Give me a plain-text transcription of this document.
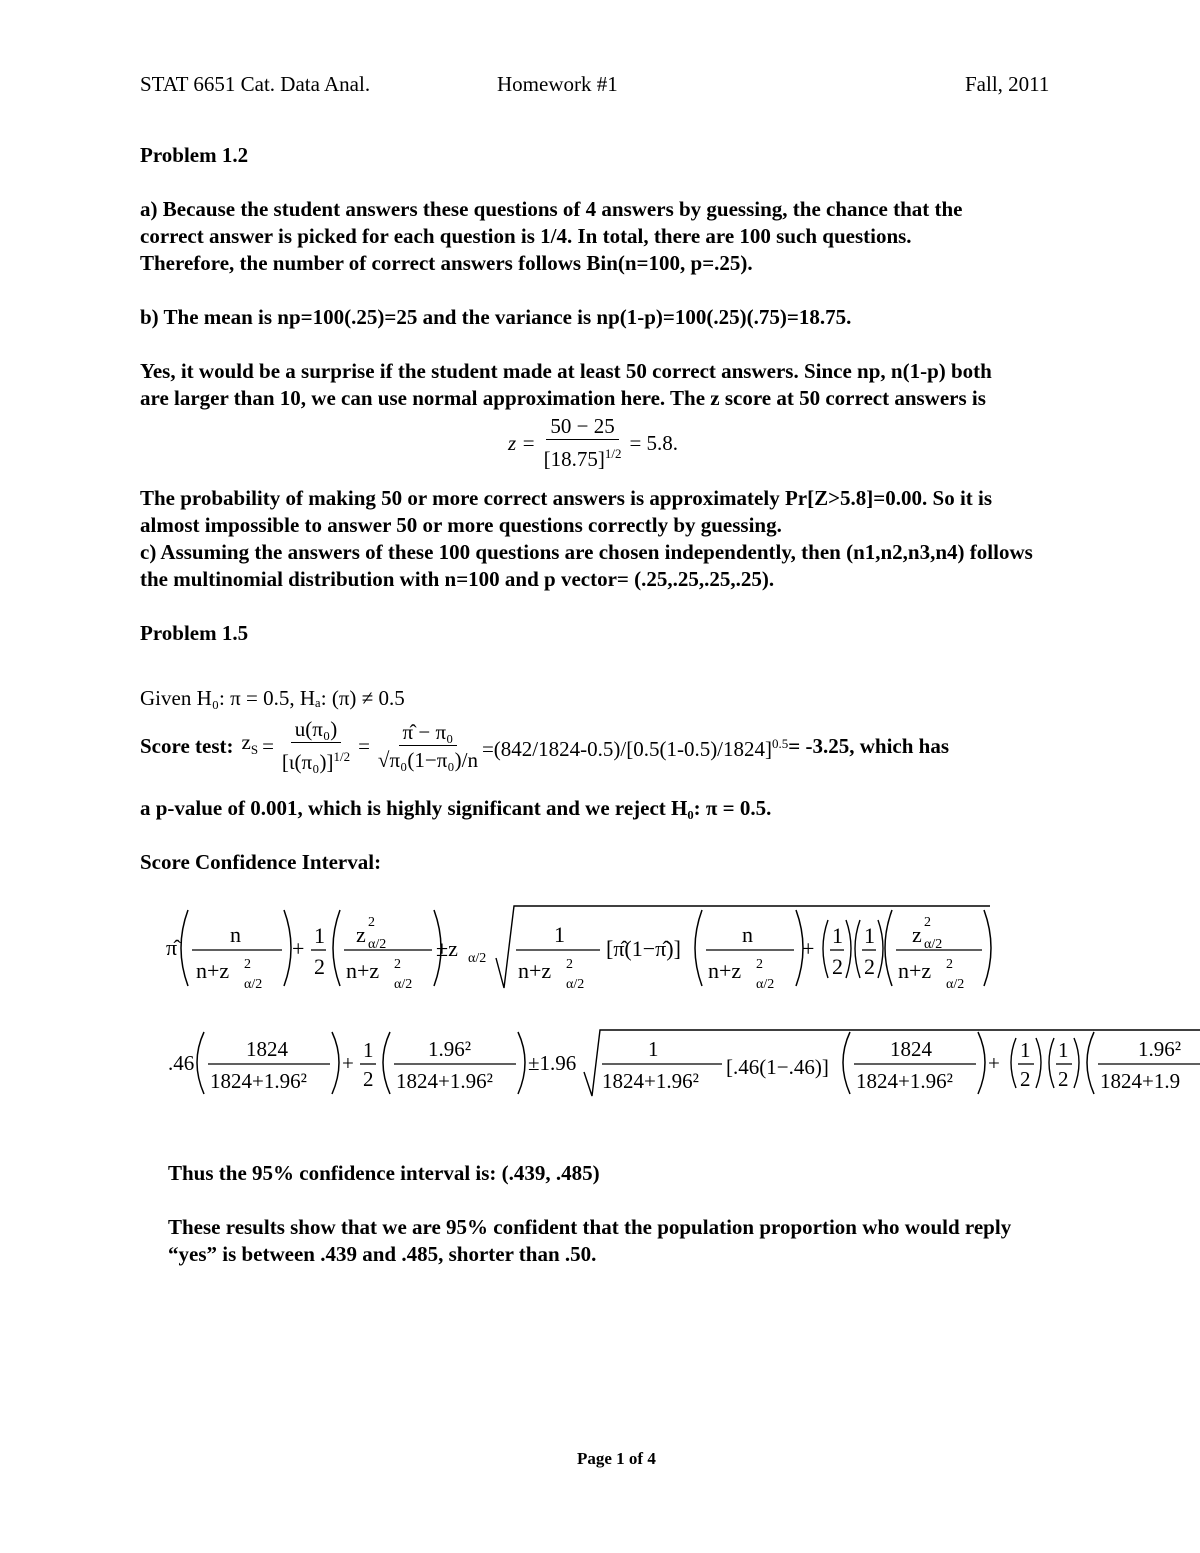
STAT 6651 Cat. Data Anal.	Homework #1	Fall, 2011
Problem 1.2
a) Because the student answers these questions of 4 answers by guessing, the chance that the
correct answer is picked for each question is 1/4. In total, there are 100 such questions.
Therefore, the number of correct answers follows Bin(n=100, p=.25).
b) The mean is np=100(.25)=25 and the variance is np(1-p)=100(.25)(.75)=18.75.
Yes, it would be a surprise if the student made at least 50 correct answers. Since np, n(1-p) both
are larger than 10, we can use normal approximation here. The z score at 50 correct answers is
$z = \frac{50 - 25}{[18.75]^{1/2}} = 5.8$.
The probability of making 50 or more correct answers is approximately Pr[Z>5.8]=0.00. So it is
almost impossible to answer 50 or more questions correctly by guessing.
c) Assuming the answers of these 100 questions are chosen independently, then (n1,n2,n3,n4) follows
the multinomial distribution with n=100 and p vector= (.25,.25,.25,.25).
Problem 1.5
Given H₀: π = 0.5, Hₐ: (π) ≠ 0.5
Score test: $z_S = \frac{\text{u(π₀)}}{[\iota(\pi_0)]^{1/2}} = \frac{\text{π̂ − π₀}}{\text{√π₀(1−π₀)/n}} =(842/1824-0.5)/[0.5(1-0.5)/1824]^{0.5} = -3.25$, which has
a p-value of 0.001, which is highly significant and we reject H₀: π = 0.5.
Score Confidence Interval:
π̂
n
n+z 2
α/2
+
1
2
z 2
α/2
n+z 2
α/2
±z α/2
1
n+z 2
α/2
[π̂(1−π̂)]
n
n+z 2
α/2
+
1
2
1
2
z 2
α/2
n+z 2
α/2
.46
1824
1824+1.96²
+
1
2
1.96²
1824+1.96²
±1.96
1
1824+1.96²
[.46(1−.46)]
1824
1824+1.96²
+
1
2
1
2
1.96²
1824+1.9
Thus the 95% confidence interval is: (.439, .485)
These results show that we are 95% confident that the population proportion who would reply
“yes” is between .439 and .485, shorter than .50.
Page 1 of 4
